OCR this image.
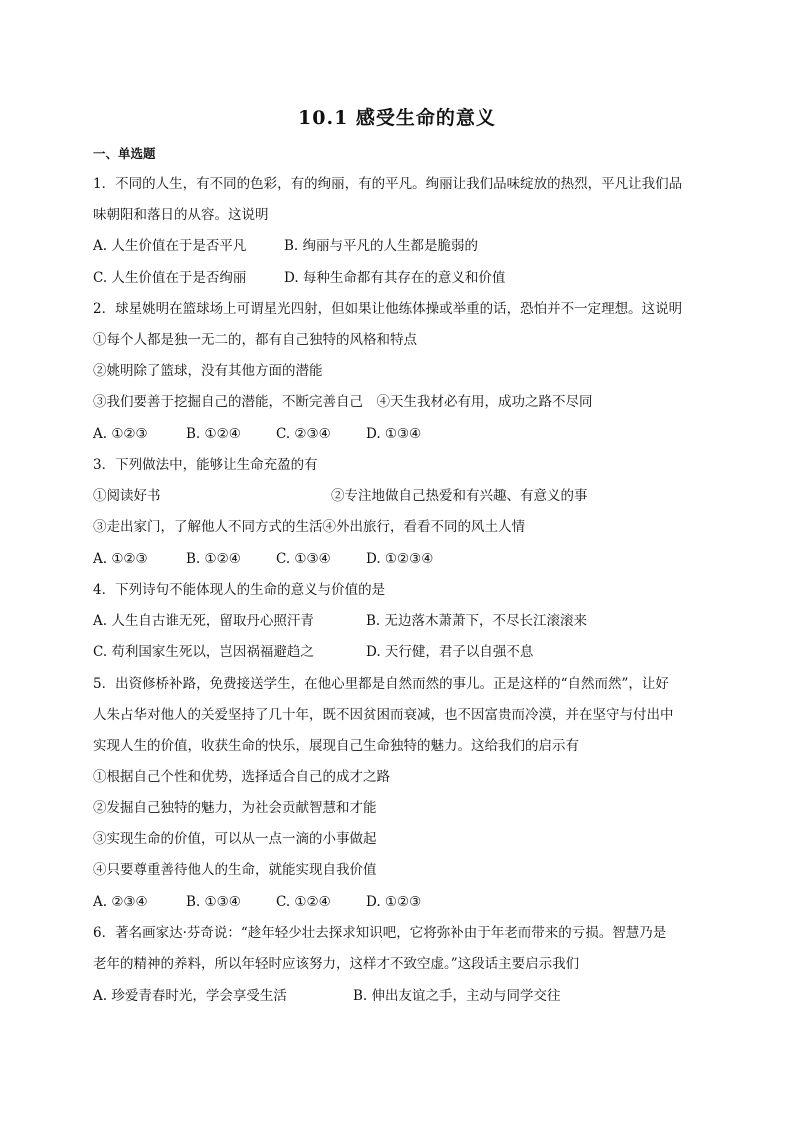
10.1 感受生命的意义
一、单选题
1．不同的人生，有不同的色彩，有的绚丽，有的平凡。绚丽让我们品味绽放的热烈，平凡让我们品
味朝阳和落日的从容。这说明
A. 人生价值在于是否平凡	B. 绚丽与平凡的人生都是脆弱的
C. 人生价值在于是否绚丽	D. 每种生命都有其存在的意义和价值
2．球星姚明在篮球场上可谓星光四射，但如果让他练体操或举重的话，恐怕并不一定理想。这说明
①每个人都是独一无二的，都有自己独特的风格和特点
②姚明除了篮球，没有其他方面的潜能
③我们要善于挖掘自己的潜能，不断完善自己　④天生我材必有用，成功之路不尽同
A. ①②③	B. ①②④	C. ②③④	D. ①③④
3．下列做法中，能够让生命充盈的有
①阅读好书	②专注地做自己热爱和有兴趣、有意义的事
③走出家门，了解他人不同方式的生活④外出旅行，看看不同的风土人情
A. ①②③	B. ①②④	C. ①③④	D. ①②③④
4．下列诗句不能体现人的生命的意义与价值的是
A. 人生自古谁无死，留取丹心照汗青	B. 无边落木萧萧下，不尽长江滚滚来
C. 苟利国家生死以，岂因祸福避趋之	D. 天行健，君子以自强不息
5．出资修桥补路，免费接送学生，在他心里都是自然而然的事儿。正是这样的“自然而然”，让好
人朱占华对他人的关爱坚持了几十年，既不因贫困而衰减，也不因富贵而冷漠，并在坚守与付出中
实现人生的价值，收获生命的快乐，展现自己生命独特的魅力。这给我们的启示有
①根据自己个性和优势，选择适合自己的成才之路
②发掘自己独特的魅力，为社会贡献智慧和才能
③实现生命的价值，可以从一点一滴的小事做起
④只要尊重善待他人的生命，就能实现自我价值
A. ②③④	B. ①③④	C. ①②④	D. ①②③
6．著名画家达·芬奇说：“趁年轻少壮去探求知识吧，它将弥补由于年老而带来的亏损。智慧乃是
老年的精神的养料，所以年轻时应该努力，这样才不致空虚。”这段话主要启示我们
A. 珍爱青春时光，学会享受生活	B. 伸出友谊之手，主动与同学交往
